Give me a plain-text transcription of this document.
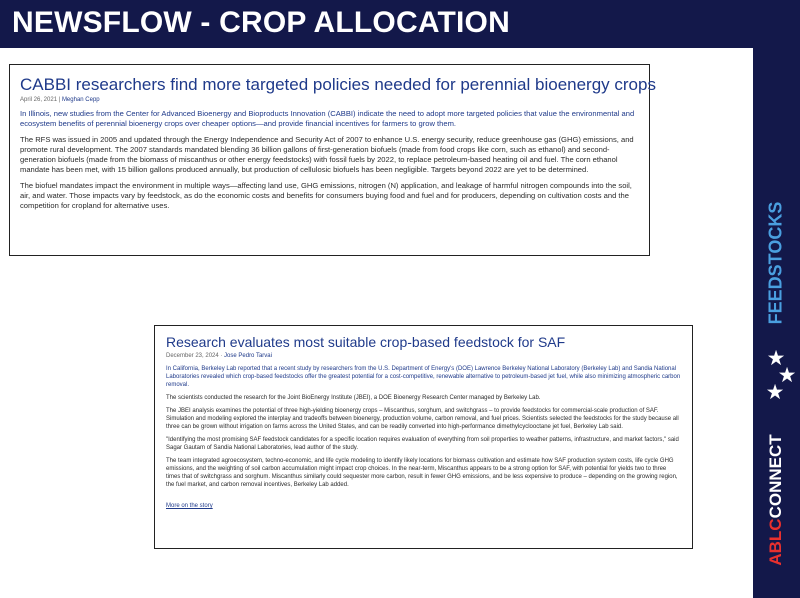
NEWSFLOW - CROP ALLOCATION
FEEDSTOCKS
★
★
★
ABLCCONNECT
CABBI researchers find more targeted policies needed for perennial bioenergy crops
April 26, 2021 | Meghan Cepp

In Illinois, new studies from the Center for Advanced Bioenergy and Bioproducts Innovation (CABBI) indicate the need to adopt more targeted policies that value the environmental and ecosystem benefits of perennial bioenergy crops over cheaper options—and provide financial incentives for farmers to grow them.

The RFS was issued in 2005 and updated through the Energy Independence and Security Act of 2007 to enhance U.S. energy security, reduce greenhouse gas (GHG) emissions, and promote rural development. The 2007 standards mandated blending 36 billion gallons of first-generation biofuels (made from food crops like corn, such as ethanol) and second-generation biofuels (made from the biomass of miscanthus or other energy feedstocks) with fossil fuels by 2022, to replace petroleum-based heating oil and fuel. The corn ethanol mandate has been met, with 15 billion gallons produced annually, but production of cellulosic biofuels has been negligible. Targets beyond 2022 are yet to be determined.

The biofuel mandates impact the environment in multiple ways—affecting land use, GHG emissions, nitrogen (N) application, and leakage of harmful nitrogen compounds into the soil, air, and water. Those impacts vary by feedstock, as do the economic costs and benefits for consumers buying food and fuel and for producers, depending on cultivation costs and the competition for cropland for alternative uses.

Research evaluates most suitable crop-based feedstock for SAF
December 23, 2024 · Jose Pedro Tarvai

In California, Berkeley Lab reported that a recent study by researchers from the U.S. Department of Energy's (DOE) Lawrence Berkeley National Laboratory (Berkeley Lab) and Sandia National Laboratories revealed which crop-based feedstocks offer the greatest potential for a cost-competitive, renewable alternative to petroleum-based jet fuel, while also minimizing atmospheric carbon removal.

The scientists conducted the research for the Joint BioEnergy Institute (JBEI), a DOE Bioenergy Research Center managed by Berkeley Lab.

The JBEI analysis examines the potential of three high-yielding bioenergy crops – Miscanthus, sorghum, and switchgrass – to provide feedstocks for commercial-scale production of SAF. Simulation and modeling explored the interplay and tradeoffs between bioenergy, production volume, carbon removal, and fuel prices. Scientists selected the feedstocks for the study because all three can be grown without irrigation on farms across the United States, and can be readily converted into high-performance dimethylcyclooctane jet fuel, Berkeley Lab said.

"Identifying the most promising SAF feedstock candidates for a specific location requires evaluation of everything from soil properties to weather patterns, infrastructure, and market factors," said Sagar Gautam of Sandia National Laboratories, lead author of the study.

The team integrated agroecosystem, techno-economic, and life cycle modeling to identify likely locations for biomass cultivation and estimate how SAF production system costs, life cycle GHG emissions, and the weighting of soil carbon accumulation might impact crop choices. In the near-term, Miscanthus appears to be a strong option for SAF, with potential for yields two to three times that of switchgrass and sorghum. Miscanthus similarly could sequester more carbon, result in fewer GHG emissions, and be less expensive to produce – depending on the growing region, the fuel market, and carbon removal incentives, Berkeley Lab added.

More on the story
